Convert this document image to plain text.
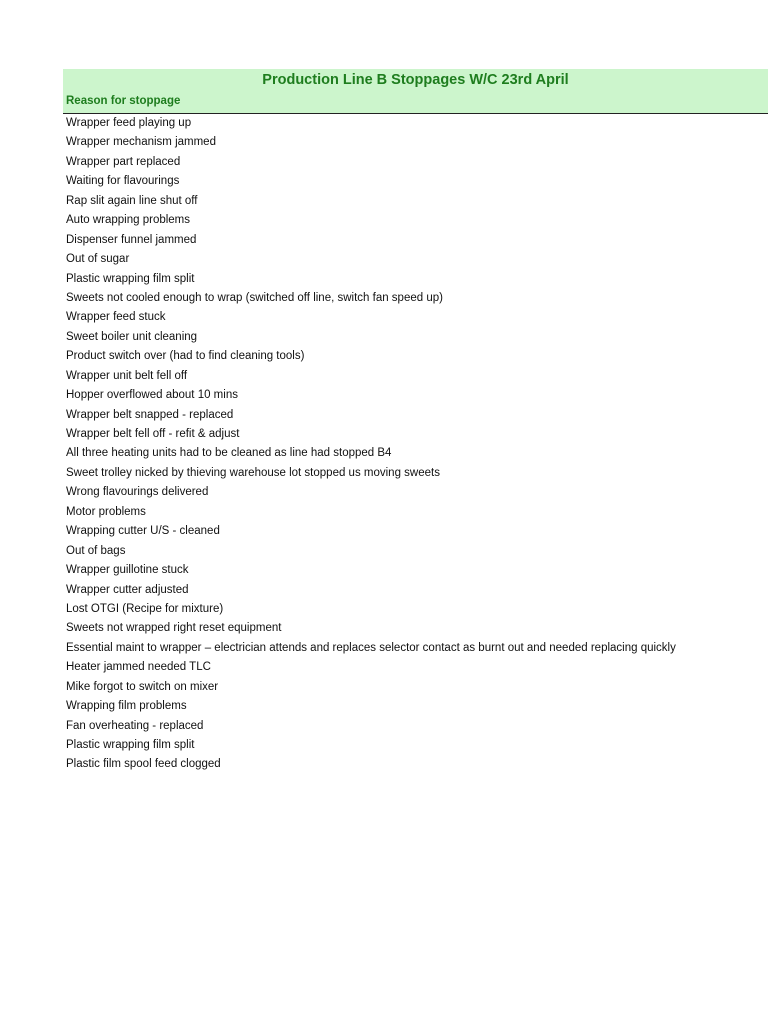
Production Line B Stoppages W/C 23rd April
Reason for stoppage
Wrapper feed playing up
Wrapper mechanism jammed
Wrapper part replaced
Waiting for flavourings
Rap slit again line shut off
Auto wrapping problems
Dispenser funnel jammed
Out of sugar
Plastic wrapping film split
Sweets not cooled enough to wrap (switched off line, switch fan speed up)
Wrapper feed stuck
Sweet boiler unit cleaning
Product switch over (had to find cleaning tools)
Wrapper unit belt fell off
Hopper overflowed about 10 mins
Wrapper belt snapped - replaced
Wrapper belt fell off - refit & adjust
All three heating units had to be cleaned as line had stopped B4
Sweet trolley nicked by thieving warehouse lot stopped us moving sweets
Wrong flavourings delivered
Motor problems
Wrapping cutter U/S - cleaned
Out of bags
Wrapper guillotine stuck
Wrapper cutter adjusted
Lost OTGI (Recipe for mixture)
Sweets not wrapped right reset equipment
Essential maint to wrapper – electrician attends and replaces selector contact as burnt out and needed replacing quickly
Heater jammed needed TLC
Mike forgot to switch on mixer
Wrapping film problems
Fan overheating - replaced
Plastic wrapping film split
Plastic film spool feed clogged
